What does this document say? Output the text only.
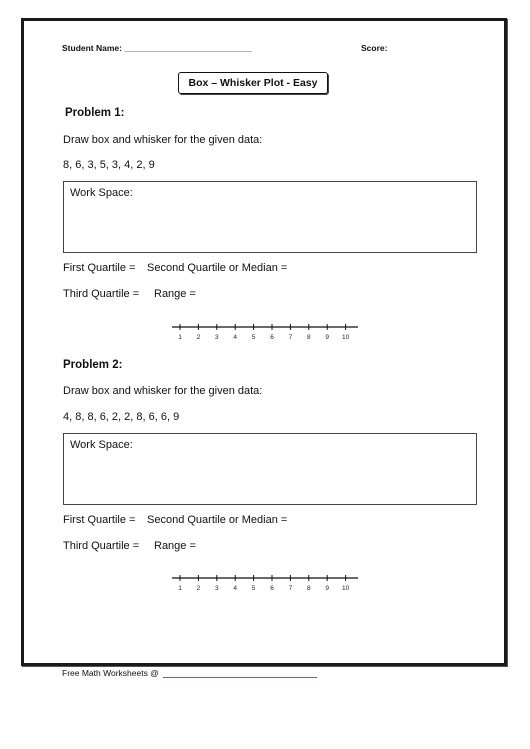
Student Name: ___________________________	Score:
Box – Whisker Plot - Easy
Problem 1:
Draw box and whisker for the given data:
8, 6, 3, 5, 3, 4, 2, 9
Work Space:
First Quartile = Second Quartile or Median =
Third Quartile = Range =
1 2 3 4 5 6 7 8 9 10
Problem 2:
Draw box and whisker for the given data:
4, 8, 8, 6, 2, 2, 8, 6, 6, 9
Work Space:
First Quartile = Second Quartile or Median =
Third Quartile = Range =
1 2 3 4 5 6 7 8 9 10
Free Math Worksheets @
